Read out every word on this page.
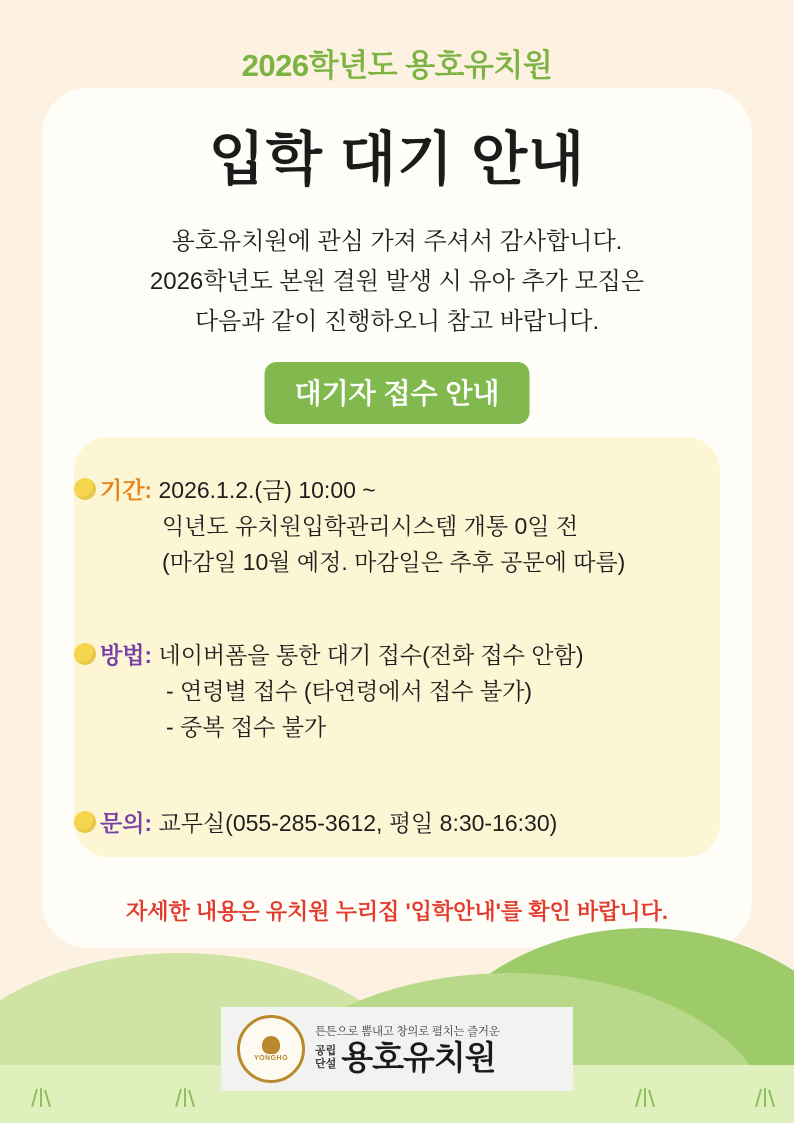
2026학년도 용호유치원
입학 대기 안내
용호유치원에 관심 가져 주셔서 감사합니다.
2026학년도 본원 결원 발생 시 유아 추가 모집은
다음과 같이 진행하오니 참고 바랍니다.
대기자 접수 안내
기간: 2026.1.2.(금) 10:00 ~
익년도 유치원입학관리시스템 개통 0일 전
(마감일 10월 예정. 마감일은 추후 공문에 따름)
방법: 네이버폼을 통한 대기 접수(전화 접수 안함)
- 연령별 접수 (타연령에서 접수 불가)
- 중복 접수 불가
문의: 교무실(055-285-3612, 평일 8:30-16:30)
자세한 내용은 유치원 누리집 '입학안내'를 확인 바랍니다.
YONGHO
튼튼으로 뽐내고 창의로 펼치는 즐거운
공립
단설 용호유치원
